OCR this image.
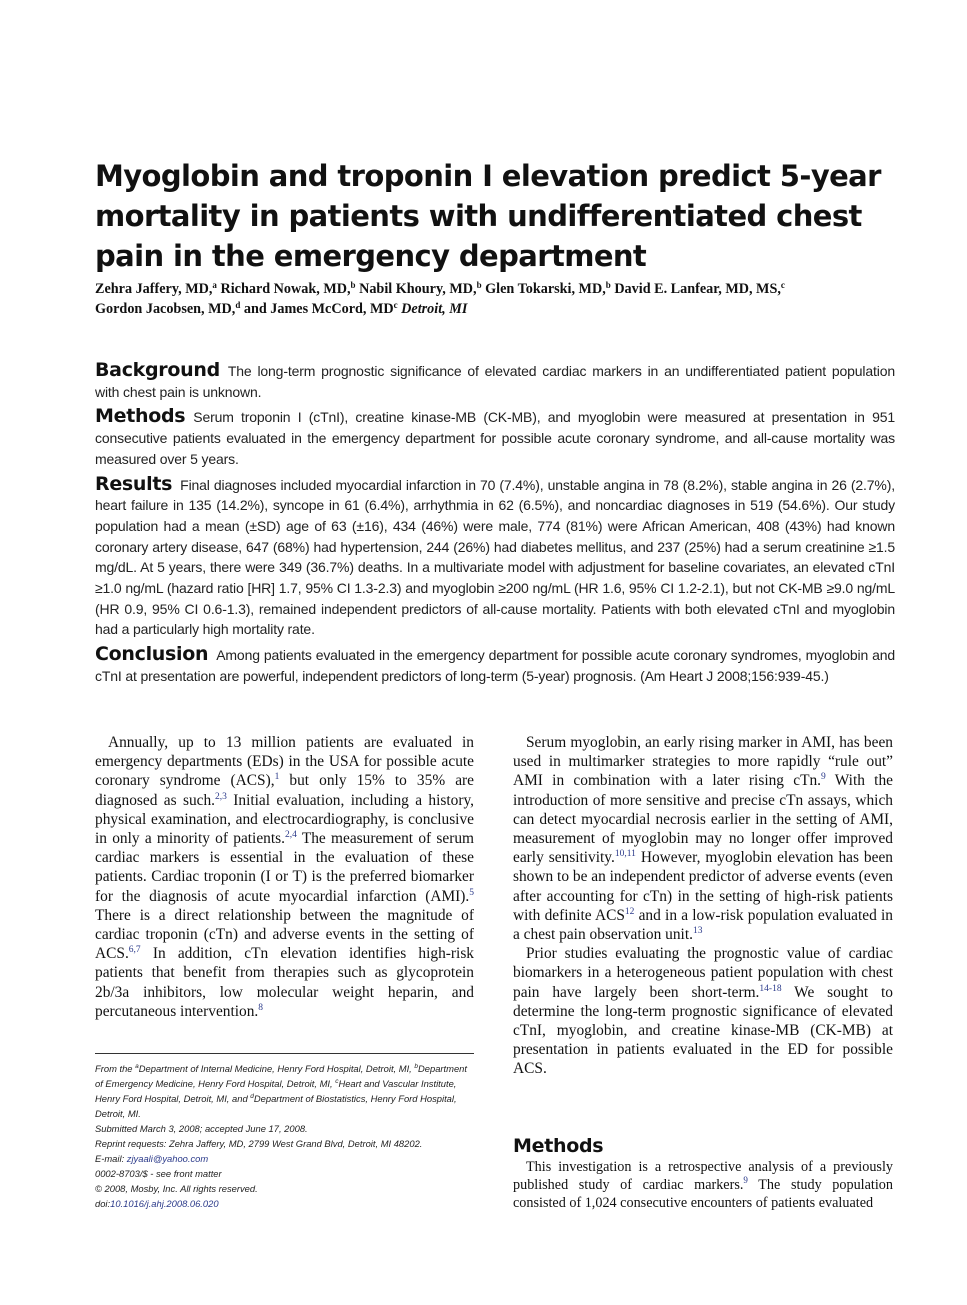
Myoglobin and troponin I elevation predict 5-year mortality in patients with undifferentiated chest pain in the emergency department
Zehra Jaffery, MD,$^a$ Richard Nowak, MD,$^b$ Nabil Khoury, MD,$^b$ Glen Tokarski, MD,$^b$ David E. Lanfear, MD, MS,$^c$
Gordon Jacobsen, MD,$^d$ and James McCord, $MD^c$ Detroit, MI

Background The long-term prognostic significance of elevated cardiac markers in an undifferentiated patient population with chest pain is unknown.

Methods Serum troponin I (cTnI), creatine kinase-MB (CK-MB), and myoglobin were measured at presentation in 951 consecutive patients evaluated in the emergency department for possible acute coronary syndrome, and all-cause mortality was measured over 5 years.

Results Final diagnoses included myocardial infarction in 70 (7.4%), unstable angina in 78 (8.2%), stable angina in 26 (2.7%), heart failure in 135 (14.2%), syncope in 61 (6.4%), arrhythmia in 62 (6.5%), and noncardiac diagnoses in 519 (54.6%). Our study population had a mean (±SD) age of 63 (±16), 434 (46%) were male, 774 (81%) were African American, 408 (43%) had known coronary artery disease, 647 (68%) had hypertension, 244 (26%) had diabetes mellitus, and 237 (25%) had a serum creatinine ≥1.5 mg/dL. At 5 years, there were 349 (36.7%) deaths. In a multivariate model with adjustment for baseline covariates, an elevated cTnI ≥1.0 ng/mL (hazard ratio [HR] 1.7, 95% CI 1.3-2.3) and myoglobin ≥200 ng/mL (HR 1.6, 95% CI 1.2-2.1), but not CK-MB ≥9.0 ng/mL (HR 0.9, 95% CI 0.6-1.3), remained independent predictors of all-cause mortality. Patients with both elevated cTnI and myoglobin had a particularly high mortality rate.

Conclusion Among patients evaluated in the emergency department for possible acute coronary syndromes, myoglobin and cTnI at presentation are powerful, independent predictors of long-term (5-year) prognosis. (Am Heart J 2008;156:939-45.)

Annually, up to 13 million patients are evaluated in emergency departments (EDs) in the USA for possible acute coronary syndrome (ACS),$^1$ but only 15% to 35% are diagnosed as such.$^{2,3}$ Initial evaluation, including a history, physical examination, and electrocardiography, is conclusive in only a minority of patients.$^{2,4}$ The measurement of serum cardiac markers is essential in the evaluation of these patients. Cardiac troponin (I or T) is the preferred biomarker for the diagnosis of acute myocardial infarction (AMI).$^5$ There is a direct relationship between the magnitude of cardiac troponin (cTn) and adverse events in the setting of ACS.$^{6,7}$ In addition, cTn elevation identifies high-risk patients that benefit from therapies such as glycoprotein 2b/3a inhibitors, low molecular weight heparin, and percutaneous intervention.$^8$

From the $^a$Department of Internal Medicine, Henry Ford Hospital, Detroit, MI, $^b$Department of Emergency Medicine, Henry Ford Hospital, Detroit, MI, $^c$Heart and Vascular Institute, Henry Ford Hospital, Detroit, MI, and $^d$Department of Biostatistics, Henry Ford Hospital, Detroit, MI.

Submitted March 3, 2008; accepted June 17, 2008.

Reprint requests: Zehra Jaffery, MD, 2799 West Grand Blvd, Detroit, MI 48202.

E-mail: zjyaali@yahoo.com

0002-8703/$ - see front matter

© 2008, Mosby, Inc. All rights reserved.

doi:10.1016/j.ahj.2008.06.020

Serum myoglobin, an early rising marker in AMI, has been used in multimarker strategies to more rapidly “rule out” AMI in combination with a later rising cTn.$^9$ With the introduction of more sensitive and precise cTn assays, which can detect myocardial necrosis earlier in the setting of AMI, measurement of myoglobin may no longer offer improved early sensitivity.$^{10,11}$ However, myoglobin elevation has been shown to be an independent predictor of adverse events (even after accounting for cTn) in the setting of high-risk patients with definite ACS$^{12}$ and in a low-risk population evaluated in a chest pain observation unit.$^{13}$

Prior studies evaluating the prognostic value of cardiac biomarkers in a heterogeneous patient population with chest pain have largely been short-term.$^{14-18}$ We sought to determine the long-term prognostic significance of elevated cTnI, myoglobin, and creatine kinase-MB (CK-MB) at presentation in patients evaluated in the ED for possible ACS.

Methods

This investigation is a retrospective analysis of a previously published study of cardiac markers.$^9$ The study population consisted of 1,024 consecutive encounters of patients evaluated
